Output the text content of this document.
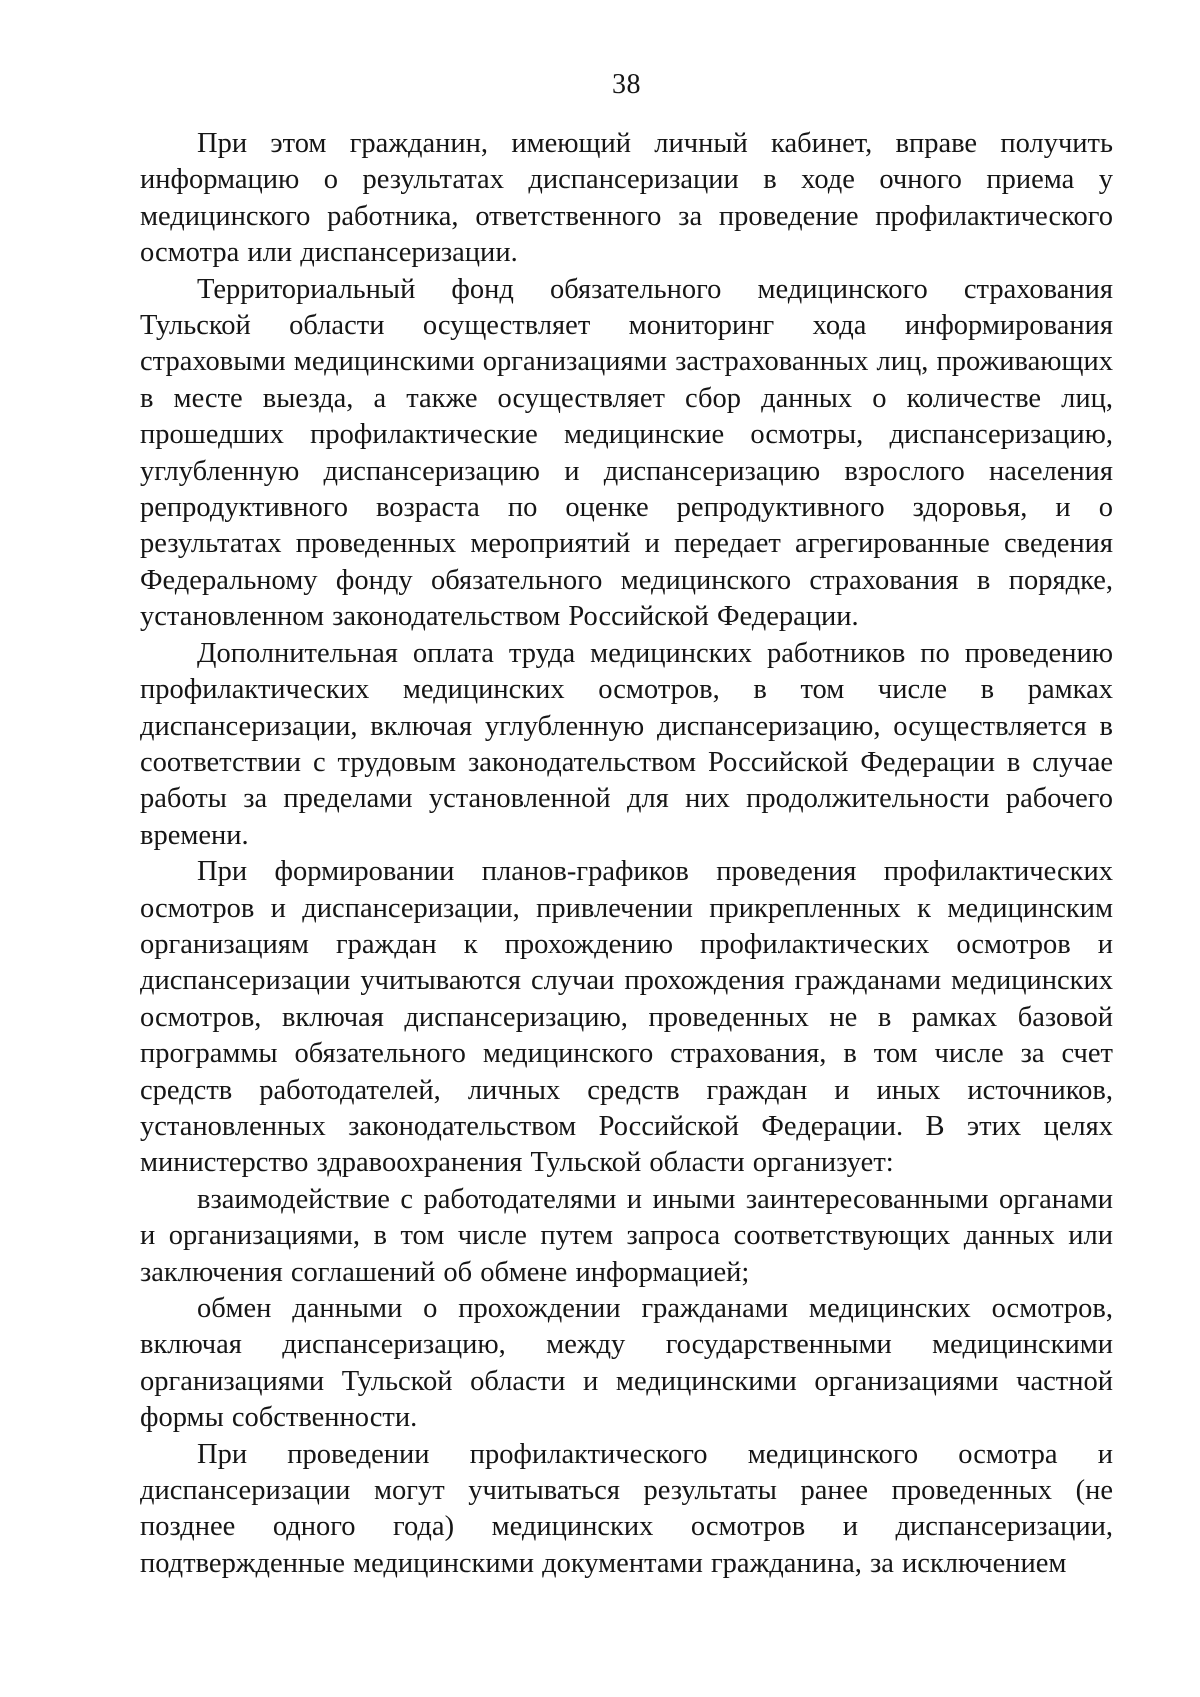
38

При этом гражданин, имеющий личный кабинет, вправе получить информацию о результатах диспансеризации в ходе очного приема у медицинского работника, ответственного за проведение профилактического осмотра или диспансеризации.

Территориальный фонд обязательного медицинского страхования Тульской области осуществляет мониторинг хода информирования страховыми медицинскими организациями застрахованных лиц, проживающих в месте выезда, а также осуществляет сбор данных о количестве лиц, прошедших профилактические медицинские осмотры, диспансеризацию, углубленную диспансеризацию и диспансеризацию взрослого населения репродуктивного возраста по оценке репродуктивного здоровья, и о результатах проведенных мероприятий и передает агрегированные сведения Федеральному фонду обязательного медицинского страхования в порядке, установленном законодательством Российской Федерации.

Дополнительная оплата труда медицинских работников по проведению профилактических медицинских осмотров, в том числе в рамках диспансеризации, включая углубленную диспансеризацию, осуществляется в соответствии с трудовым законодательством Российской Федерации в случае работы за пределами установленной для них продолжительности рабочего времени.

При формировании планов-графиков проведения профилактических осмотров и диспансеризации, привлечении прикрепленных к медицинским организациям граждан к прохождению профилактических осмотров и диспансеризации учитываются случаи прохождения гражданами медицинских осмотров, включая диспансеризацию, проведенных не в рамках базовой программы обязательного медицинского страхования, в том числе за счет средств работодателей, личных средств граждан и иных источников, установленных законодательством Российской Федерации. В этих целях министерство здравоохранения Тульской области организует:

взаимодействие с работодателями и иными заинтересованными органами и организациями, в том числе путем запроса соответствующих данных или заключения соглашений об обмене информацией;

обмен данными о прохождении гражданами медицинских осмотров, включая диспансеризацию, между государственными медицинскими организациями Тульской области и медицинскими организациями частной формы собственности.

При проведении профилактического медицинского осмотра и диспансеризации могут учитываться результаты ранее проведенных (не позднее одного года) медицинских осмотров и диспансеризации, подтвержденные медицинскими документами гражданина, за исключением
